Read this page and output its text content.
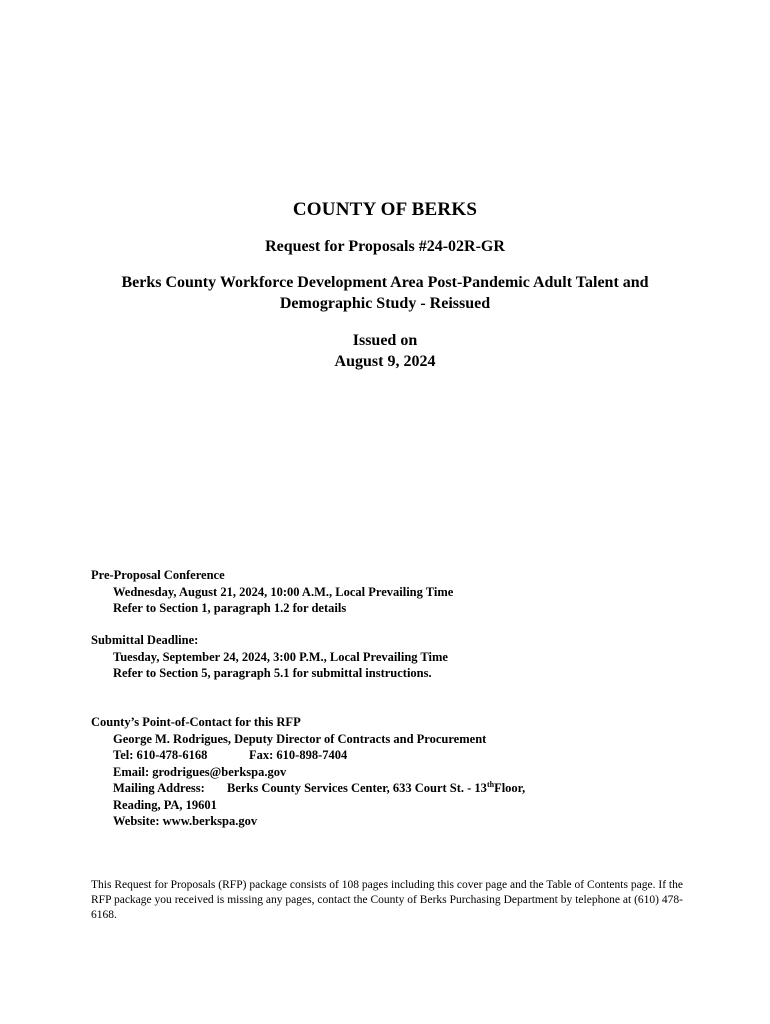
COUNTY OF BERKS
Request for Proposals #24-02R-GR
Berks County Workforce Development Area Post-Pandemic Adult Talent and
Demographic Study - Reissued
Issued on
August 9, 2024
Pre-Proposal Conference
Wednesday, August 21, 2024, 10:00 A.M., Local Prevailing Time
Refer to Section 1, paragraph 1.2 for details
Submittal Deadline:
Tuesday, September 24, 2024, 3:00 P.M., Local Prevailing Time
Refer to Section 5, paragraph 5.1 for submittal instructions.
County’s Point-of-Contact for this RFP
George M. Rodrigues, Deputy Director of Contracts and Procurement
Tel: 610-478-6168	Fax: 610-898-7404
Email: grodrigues@berkspa.gov
Mailing Address: Berks County Services Center, 633 Court St. - 13thFloor,
Reading, PA, 19601
Website: www.berkspa.gov
This Request for Proposals (RFP) package consists of 108 pages including this cover page and the Table of Contents page. If the RFP package you received is missing any pages, contact the County of Berks Purchasing Department by telephone at (610) 478-6168.
